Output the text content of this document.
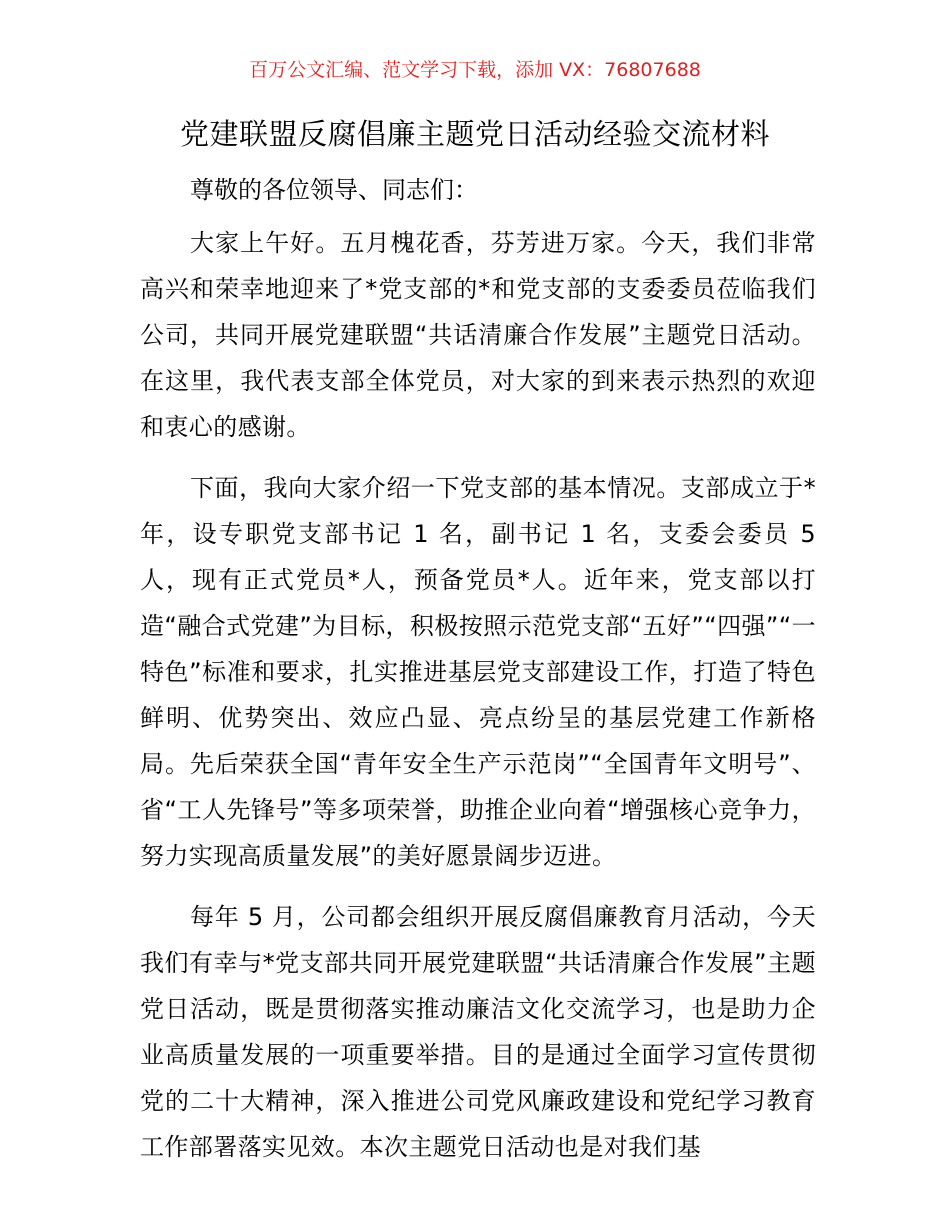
百万公文汇编、范文学习下载，添加 VX：76807688
党建联盟反腐倡廉主题党日活动经验交流材料

尊敬的各位领导、同志们：

大家上午好。五月槐花香，芬芳进万家。今天，我们非常高兴和荣幸地迎来了*党支部的*和党支部的支委委员莅临我们公司，共同开展党建联盟“共话清廉合作发展”主题党日活动。在这里，我代表支部全体党员，对大家的到来表示热烈的欢迎和衷心的感谢。

下面，我向大家介绍一下党支部的基本情况。支部成立于*年，设专职党支部书记 1 名，副书记 1 名，支委会委员 5 人，现有正式党员*人，预备党员*人。近年来，党支部以打造“融合式党建”为目标，积极按照示范党支部“五好”“四强”“一特色”标准和要求，扎实推进基层党支部建设工作，打造了特色鲜明、优势突出、效应凸显、亮点纷呈的基层党建工作新格局。先后荣获全国“青年安全生产示范岗”“全国青年文明号”、省“工人先锋号”等多项荣誉，助推企业向着“增强核心竞争力，努力实现高质量发展”的美好愿景阔步迈进。

每年 5 月，公司都会组织开展反腐倡廉教育月活动，今天我们有幸与*党支部共同开展党建联盟“共话清廉合作发展”主题党日活动，既是贯彻落实推动廉洁文化交流学习，也是助力企业高质量发展的一项重要举措。目的是通过全面学习宣传贯彻党的二十大精神，深入推进公司党风廉政建设和党纪学习教育工作部署落实见效。本次主题党日活动也是对我们基
